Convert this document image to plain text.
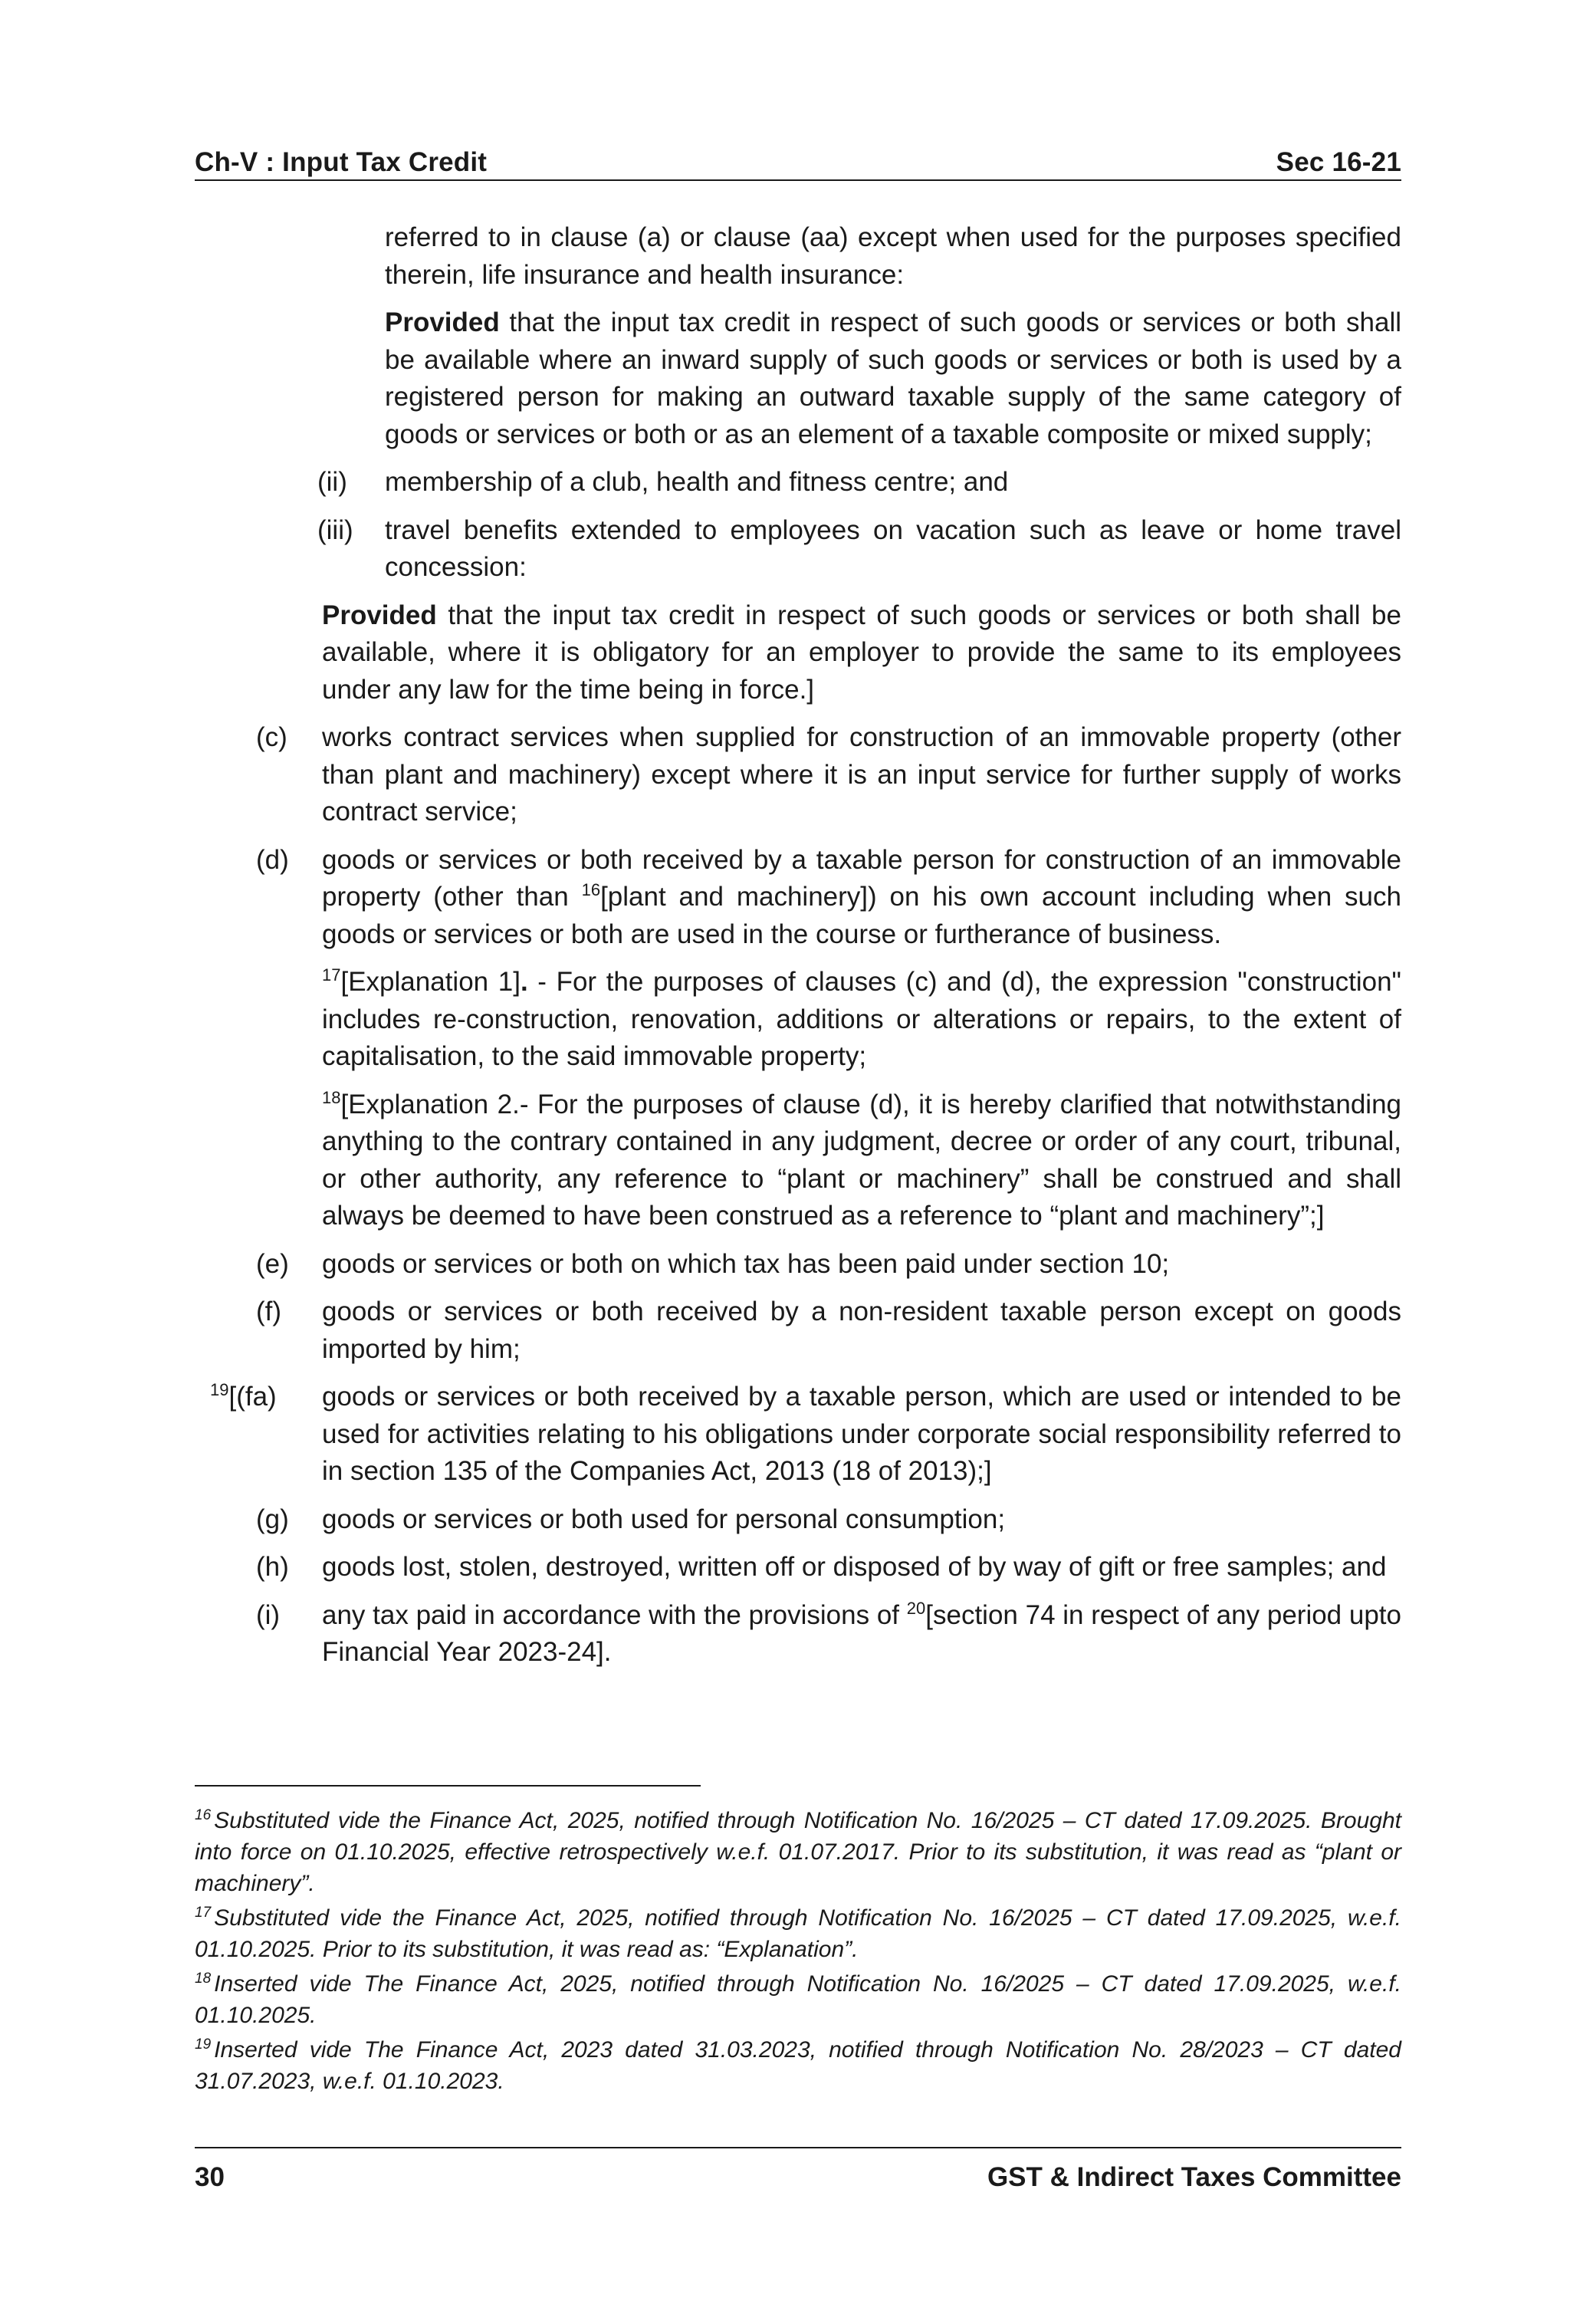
Ch-V : Input Tax Credit	Sec 16-21
referred to in clause (a) or clause (aa) except when used for the purposes specified therein, life insurance and health insurance:
Provided that the input tax credit in respect of such goods or services or both shall be available where an inward supply of such goods or services or both is used by a registered person for making an outward taxable supply of the same category of goods or services or both or as an element of a taxable composite or mixed supply;
(ii) membership of a club, health and fitness centre; and
(iii) travel benefits extended to employees on vacation such as leave or home travel concession:
Provided that the input tax credit in respect of such goods or services or both shall be available, where it is obligatory for an employer to provide the same to its employees under any law for the time being in force.]
(c) works contract services when supplied for construction of an immovable property (other than plant and machinery) except where it is an input service for further supply of works contract service;
(d) goods or services or both received by a taxable person for construction of an immovable property (other than $^{16}$[plant and machinery]) on his own account including when such goods or services or both are used in the course or furtherance of business.
$^{17}$[Explanation 1]. - For the purposes of clauses (c) and (d), the expression "construction" includes re-construction, renovation, additions or alterations or repairs, to the extent of capitalisation, to the said immovable property;
$^{18}$[Explanation 2.- For the purposes of clause (d), it is hereby clarified that notwithstanding anything to the contrary contained in any judgment, decree or order of any court, tribunal, or other authority, any reference to “plant or machinery” shall be construed and shall always be deemed to have been construed as a reference to “plant and machinery”;]
(e) goods or services or both on which tax has been paid under section 10;
(f) goods or services or both received by a non-resident taxable person except on goods imported by him;
$^{19}$[(fa) goods or services or both received by a taxable person, which are used or intended to be used for activities relating to his obligations under corporate social responsibility referred to in section 135 of the Companies Act, 2013 (18 of 2013);]
(g) goods or services or both used for personal consumption;
(h) goods lost, stolen, destroyed, written off or disposed of by way of gift or free samples; and
(i) any tax paid in accordance with the provisions of $^{20}$[section 74 in respect of any period upto Financial Year 2023-24].
$^{16}$ Substituted vide the Finance Act, 2025, notified through Notification No. 16/2025 – CT dated 17.09.2025. Brought into force on 01.10.2025, effective retrospectively w.e.f. 01.07.2017. Prior to its substitution, it was read as “plant or machinery”.
$^{17}$ Substituted vide the Finance Act, 2025, notified through Notification No. 16/2025 – CT dated 17.09.2025, w.e.f. 01.10.2025. Prior to its substitution, it was read as: “Explanation”.
$^{18}$ Inserted vide The Finance Act, 2025, notified through Notification No. 16/2025 – CT dated 17.09.2025, w.e.f. 01.10.2025.
$^{19}$ Inserted vide The Finance Act, 2023 dated 31.03.2023, notified through Notification No. 28/2023 – CT dated 31.07.2023, w.e.f. 01.10.2023.
30	GST & Indirect Taxes Committee
